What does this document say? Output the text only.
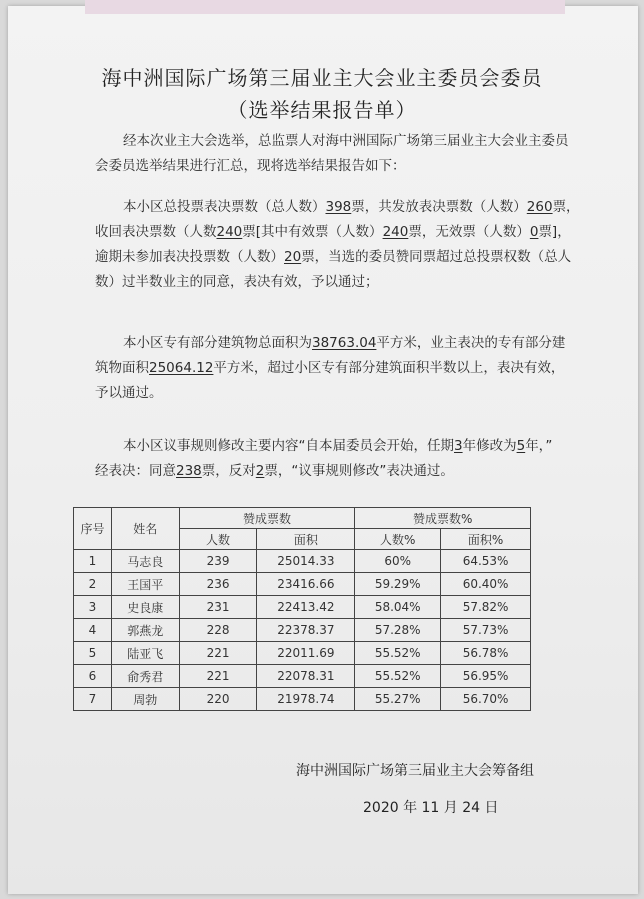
海中洲国际广场第三届业主大会业主委员会委员
（选举结果报告单）
经本次业主大会选举，总监票人对海中洲国际广场第三届业主大会业主委员
会委员选举结果进行汇总，现将选举结果报告如下：
本小区总投票表决票数（总人数）398票，共发放表决票数（人数）260票，
收回表决票数（人数240票[其中有效票（人数）240票，无效票（人数）0票]，
逾期未参加表决投票数（人数）20票，当选的委员赞同票超过总投票权数（总人
数）过半数业主的同意，表决有效，予以通过；
本小区专有部分建筑物总面积为38763.04平方米，业主表决的专有部分建
筑物面积25064.12平方米，超过小区专有部分建筑面积半数以上，表决有效，
予以通过。
本小区议事规则修改主要内容“自本届委员会开始，任期3年修改为5年，”
经表决：同意238票，反对2票，“议事规则修改”表决通过。
序号	姓名	赞成票数		赞成票数%	
		人数	面积	人数%	面积%
1	马志良	239	25014.33	60%	64.53%
2	王国平	236	23416.66	59.29%	60.40%
3	史良康	231	22413.42	58.04%	57.82%
4	郭燕龙	228	22378.37	57.28%	57.73%
5	陆亚飞	221	22011.69	55.52%	56.78%
6	俞秀君	221	22078.31	55.52%	56.95%
7	周勃	220	21978.74	55.27%	56.70%
海中洲国际广场第三届业主大会筹备组
2020 年 11 月 24 日
